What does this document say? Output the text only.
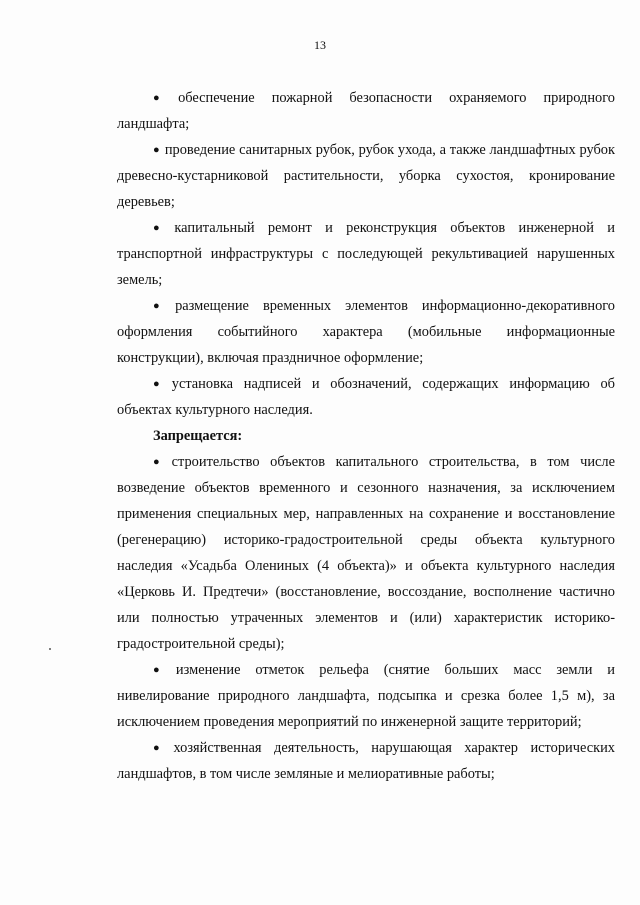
13

● обеспечение пожарной безопасности охраняемого природного ландшафта;

● проведение санитарных рубок, рубок ухода, а также ландшафтных рубок древесно-кустарниковой растительности, уборка сухостоя, кронирование деревьев;

● капитальный ремонт и реконструкция объектов инженерной и транспортной инфраструктуры с последующей рекультивацией нарушенных земель;

● размещение временных элементов информационно-декоративного оформления событийного характера (мобильные информационные конструкции), включая праздничное оформление;

● установка надписей и обозначений, содержащих информацию об объектах культурного наследия.

Запрещается:

● строительство объектов капитального строительства, в том числе возведение объектов временного и сезонного назначения, за исключением применения специальных мер, направленных на сохранение и восстановление (регенерацию) историко-градостроительной среды объекта культурного наследия «Усадьба Олениных (4 объекта)» и объекта культурного наследия «Церковь И. Предтечи» (восстановление, воссоздание, восполнение частично или полностью утраченных элементов и (или) характеристик историко-градостроительной среды);

● изменение отметок рельефа (снятие больших масс земли и нивелирование природного ландшафта, подсыпка и срезка более 1,5 м), за исключением проведения мероприятий по инженерной защите территорий;

● хозяйственная деятельность, нарушающая характер исторических ландшафтов, в том числе земляные и мелиоративные работы;
